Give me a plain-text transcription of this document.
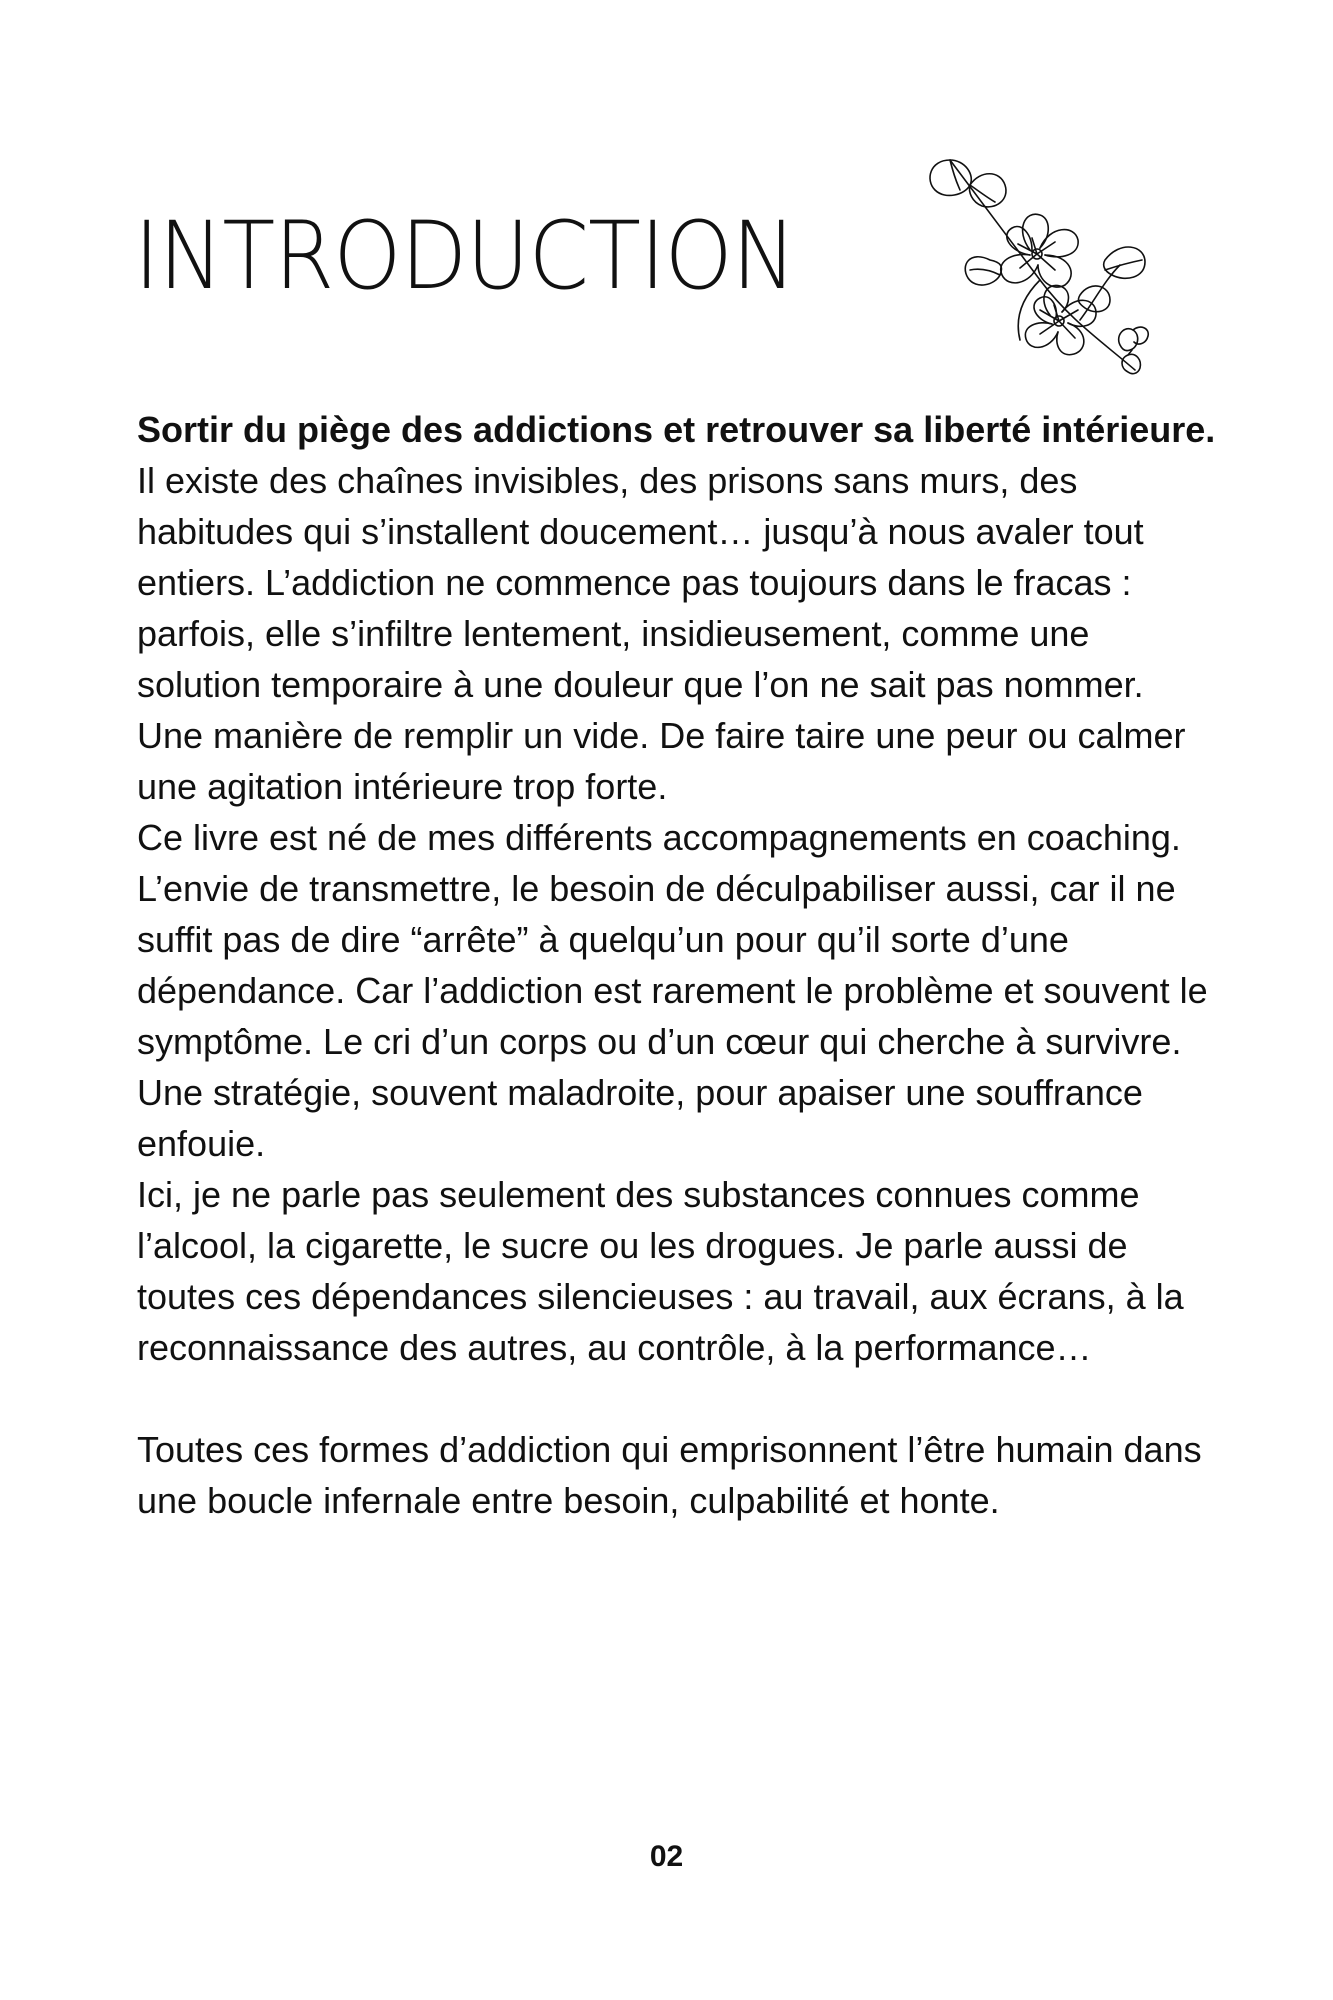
INTRODUCTION

Sortir du piège des addictions et retrouver sa liberté intérieure.

Il existe des chaînes invisibles, des prisons sans murs, des habitudes qui s’installent doucement… jusqu’à nous avaler tout entiers. L’addiction ne commence pas toujours dans le fracas : parfois, elle s’infiltre lentement, insidieusement, comme une solution temporaire à une douleur que l’on ne sait pas nommer. Une manière de remplir un vide. De faire taire une peur ou calmer une agitation intérieure trop forte.

Ce livre est né de mes différents accompagnements en coaching. L’envie de transmettre, le besoin de déculpabiliser aussi, car il ne suffit pas de dire “arrête” à quelqu’un pour qu’il sorte d’une dépendance. Car l’addiction est rarement le problème et souvent le symptôme. Le cri d’un corps ou d’un cœur qui cherche à survivre. Une stratégie, souvent maladroite, pour apaiser une souffrance enfouie.

Ici, je ne parle pas seulement des substances connues comme l’alcool, la cigarette, le sucre ou les drogues. Je parle aussi de toutes ces dépendances silencieuses : au travail, aux écrans, à la reconnaissance des autres, au contrôle, à la performance…

Toutes ces formes d’addiction qui emprisonnent l’être humain dans une boucle infernale entre besoin, culpabilité et honte.

02
